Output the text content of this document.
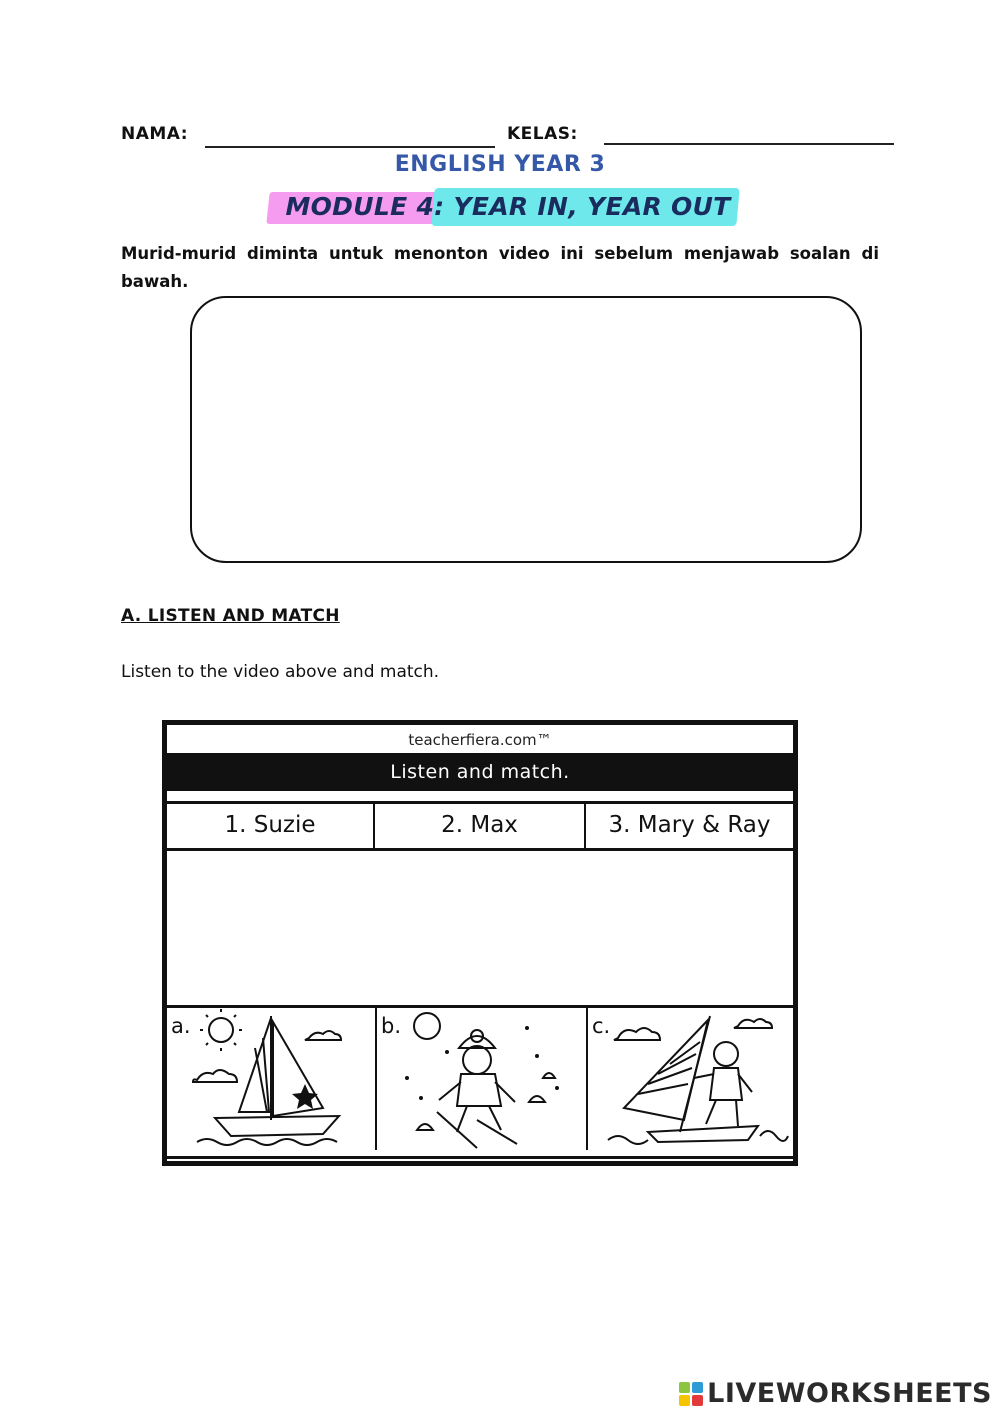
NAMA:	KELAS:
ENGLISH YEAR 3
MODULE 4: YEAR IN, YEAR OUT
Murid-murid diminta untuk menonton video ini sebelum menjawab soalan di bawah.
A. LISTEN AND MATCH
Listen to the video above and match.
teacherfiera.com™
Listen and match.
1. Suzie	2. Max	3. Mary & Ray
a.	b.	c.
LIVEWORKSHEETS
